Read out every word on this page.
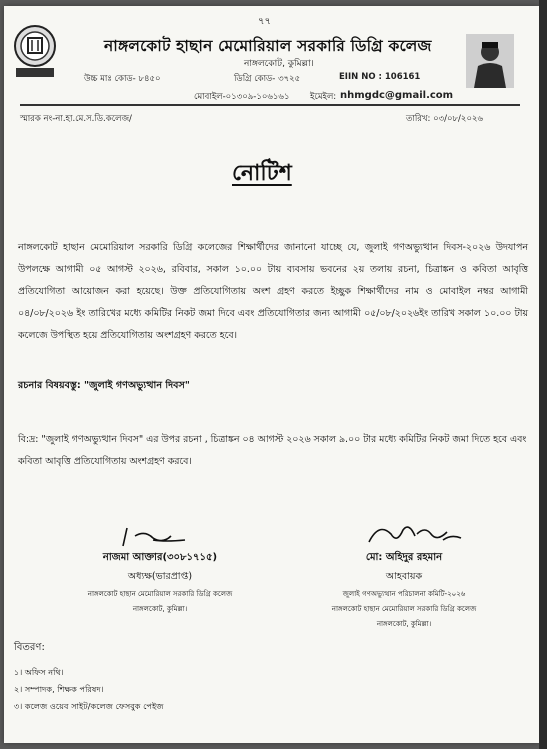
৭৭
নাঙ্গলকোট হাছান মেমোরিয়াল সরকারি ডিগ্রি কলেজ
নাঙ্গলকোট, কুমিল্লা।
উচ্চ মাঃ কোড- ৮৪৫০	ডিগ্রি কোড- ৩৭২৫	EIIN NO : 106161
মোবাইল-০১৩০৯-১০৬১৬১ ইমেইল: nhmgdc@gmail.com
স্মারক নং-না.হা.মে.স.ডি.কলেজ/	তারিখ: ০৩/০৮/২০২৬
নোটিশ
নাঙ্গলকোট হাছান মেমোরিয়াল সরকারি ডিগ্রি কলেজের শিক্ষার্থীদের জানানো যাচ্ছে যে, জুলাই গণঅভ্যুত্থান দিবস-২০২৬ উদযাপন উপলক্ষে আগামী ০৫ আগস্ট ২০২৬, রবিবার, সকাল ১০.০০ টায় ব্যবসায় ভবনের ২য় তলায় রচনা, চিত্রাঙ্কন ও কবিতা আবৃত্তি প্রতিযোগিতা আয়োজন করা হয়েছে। উক্ত প্রতিযোগিতায় অংশ গ্রহণ করতে ইচ্ছুক শিক্ষার্থীদের নাম ও মোবাইল নম্বর আগামী ০৪/০৮/২০২৬ ইং তারিখের মধ্যে কমিটির নিকট জমা দিবে এবং প্রতিযোগিতার জন্য আগামী ০৫/০৮/২০২৬ইং তারিখ সকাল ১০.০০ টায় কলেজে উপস্থিত হয়ে প্রতিযোগিতায় অংশগ্রহণ করতে হবে।
রচনার বিষয়বস্তু: "জুলাই গণঅভ্যুত্থান দিবস"
বি:দ্র: "জুলাই গণঅভ্যুত্থান দিবস" এর উপর রচনা , চিত্রাঙ্কন ০৪ আগস্ট ২০২৬ সকাল ৯.০০ টার মধ্যে কমিটির নিকট জমা দিতে হবে এবং কবিতা আবৃত্তি প্রতিযোগিতায় অংশগ্রহণ করবে।
নাজমা আক্তার(৩০৮১৭১৫)
অধ্যক্ষ(ভারপ্রাপ্ত)
নাঙ্গলকোট হাছান মেমোরিয়াল সরকারি ডিগ্রি কলেজ
নাঙ্গলকোট, কুমিল্লা।
মো: অহিদুর রহমান
আহবায়ক
জুলাই গণঅভ্যুত্থান পরিচালনা কমিটি-২০২৬
নাঙ্গলকোট হাছান মেমোরিয়াল সরকারি ডিগ্রি কলেজ
নাঙ্গলকোট, কুমিল্লা।
বিতরণ:
১। অফিস নথি।
২। সম্পাদক, শিক্ষক পরিষদ।
৩। কলেজ ওয়েব সাইট/কলেজ ফেসবুক পেইজ
